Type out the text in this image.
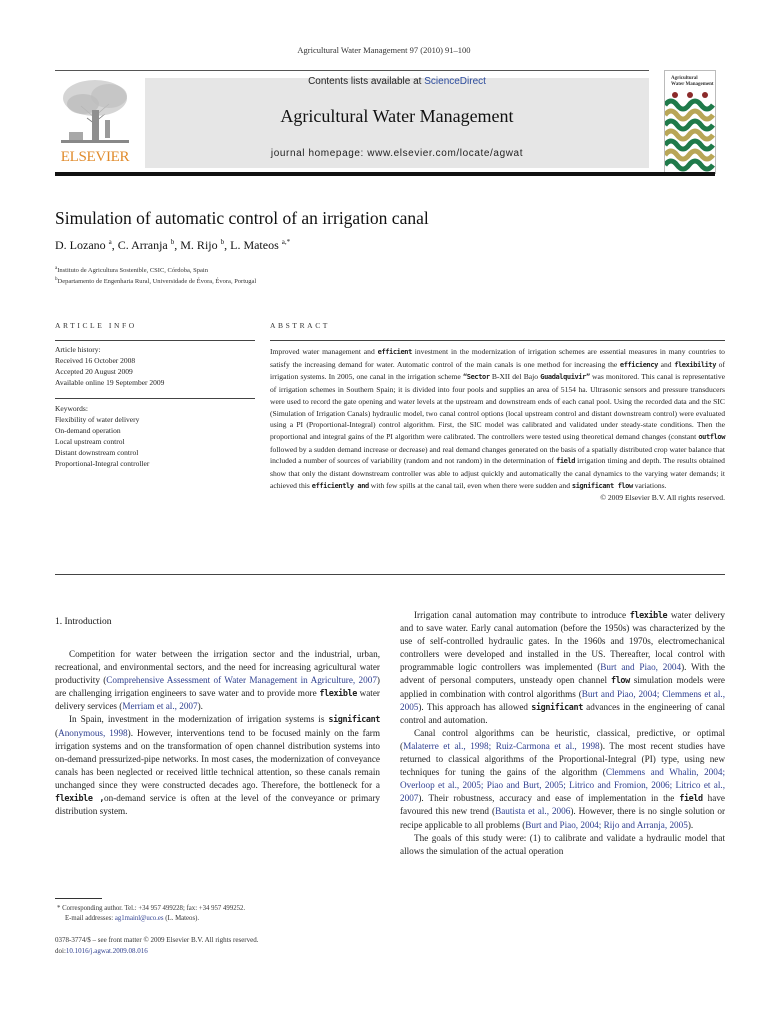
Agricultural Water Management 97 (2010) 91–100
ELSEVIER
Contents lists available at ScienceDirect
Agricultural Water Management
journal homepage: www.elsevier.com/locate/agwat
Agricultural
Water Management
Simulation of automatic control of an irrigation canal
D. Lozano $^a$, C. Arranja $^b$, M. Rijo $^b$, L. Mateos $^{a,*}$
$^a$Instituto de Agricultura Sostenible, CSIC, Córdoba, Spain
$^b$Departamento de Engenharia Rural, Universidade de Évora, Évora, Portugal
ARTICLE INFO
Article history:
Received 16 October 2008
Accepted 20 August 2009
Available online 19 September 2009
Keywords:
Flexibility of water delivery
On-demand operation
Local upstream control
Distant downstream control
Proportional-Integral controller
ABSTRACT
Improved water management and efficient investment in the modernization of irrigation schemes are essential measures in many countries to satisfy the increasing demand for water. Automatic control of the main canals is one method for increasing the efficiency and flexibility of irrigation systems. In 2005, one canal in the irrigation scheme “Sector B-XII del Bajo Guadalquivir” was monitored. This canal is representative of irrigation schemes in Southern Spain; it is divided into four pools and supplies an area of 5154 ha. Ultrasonic sensors and pressure transducers were used to record the gate opening and water levels at the upstream and downstream ends of each canal pool. Using the recorded data and the SIC (Simulation of Irrigation Canals) hydraulic model, two canal control options (local upstream control and distant downstream control) were evaluated using a PI (Proportional-Integral) control algorithm. First, the SIC model was calibrated and validated under steady-state conditions. Then the proportional and integral gains of the PI algorithm were calibrated. The controllers were tested using theoretical demand changes (constant outflow followed by a sudden demand increase or decrease) and real demand changes generated on the basis of a spatially distributed crop water balance that included a number of sources of variability (random and not random) in the determination of field irrigation timing and depth. The results obtained show that only the distant downstream controller was able to adjust quickly and automatically the canal dynamics to the varying water demands; it achieved this efficiently and with few spills at the canal tail, even when there were sudden and significant flow variations.
© 2009 Elsevier B.V. All rights reserved.
1. Introduction

Competition for water between the irrigation sector and the industrial, urban, recreational, and environmental sectors, and the need for increasing agricultural water productivity (Comprehensive Assessment of Water Management in Agriculture, 2007) are challenging irrigation engineers to save water and to provide more flexible water delivery services (Merriam et al., 2007).

In Spain, investment in the modernization of irrigation systems is significant (Anonymous, 1998). However, interventions tend to be focused mainly on the farm irrigation systems and on the transformation of open channel distribution systems into on-demand pressurized-pipe networks. In most cases, the modernization of conveyance canals has been neglected or received little technical attention, so these canals remain unchanged since they were constructed decades ago. Therefore, the bottleneck for a flexible ,on-demand service is often at the level of the conveyance or primary distribution system.

Irrigation canal automation may contribute to introduce flexible water delivery and to save water. Early canal automation (before the 1950s) was characterized by the use of self-controlled hydraulic gates. In the 1960s and 1970s, electromechanical controllers were developed and installed in the US. Thereafter, local control with programmable logic controllers was implemented (Burt and Piao, 2004). With the advent of personal computers, unsteady open channel flow simulation models were applied in combination with control algorithms (Burt and Piao, 2004; Clemmens et al., 2005). This approach has allowed significant advances in the engineering of canal control and automation.

Canal control algorithms can be heuristic, classical, predictive, or optimal (Malaterre et al., 1998; Ruiz-Carmona et al., 1998). The most recent studies have returned to classical algorithms of the Proportional-Integral (PI) type, using new techniques for tuning the gains of the algorithm (Clemmens and Whalin, 2004; Overloop et al., 2005; Piao and Burt, 2005; Litrico and Fromion, 2006; Litrico et al., 2007). Their robustness, accuracy and ease of implementation in the field have favoured this new trend (Bautista et al., 2006). However, there is no single solution or recipe applicable to all problems (Burt and Piao, 2004; Rijo and Arranja, 2005).

The goals of this study were: (1) to calibrate and validate a hydraulic model that allows the simulation of the actual operation

* Corresponding author. Tel.: +34 957 499228; fax: +34 957 499252.
E-mail addresses: ag1mainl@uco.es (L. Mateos).
0378-3774/$ – see front matter © 2009 Elsevier B.V. All rights reserved.
doi:10.1016/j.agwat.2009.08.016
